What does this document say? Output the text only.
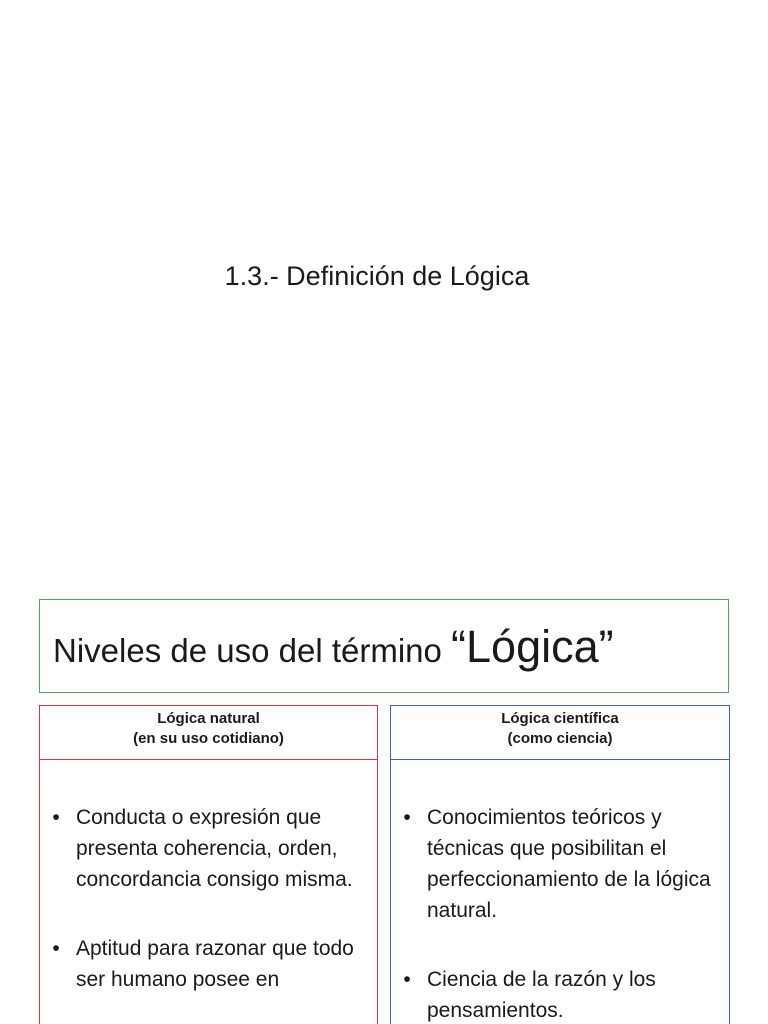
1.3.- Definición de Lógica
Niveles de uso del término “Lógica”
Lógica natural
(en su uso cotidiano)
• Conducta o expresión que presenta coherencia, orden, concordancia consigo misma.
• Aptitud para razonar que todo ser humano posee en
Lógica científica
(como ciencia)
• Conocimientos teóricos y técnicas que posibilitan el perfeccionamiento de la lógica natural.
• Ciencia de la razón y los pensamientos.
